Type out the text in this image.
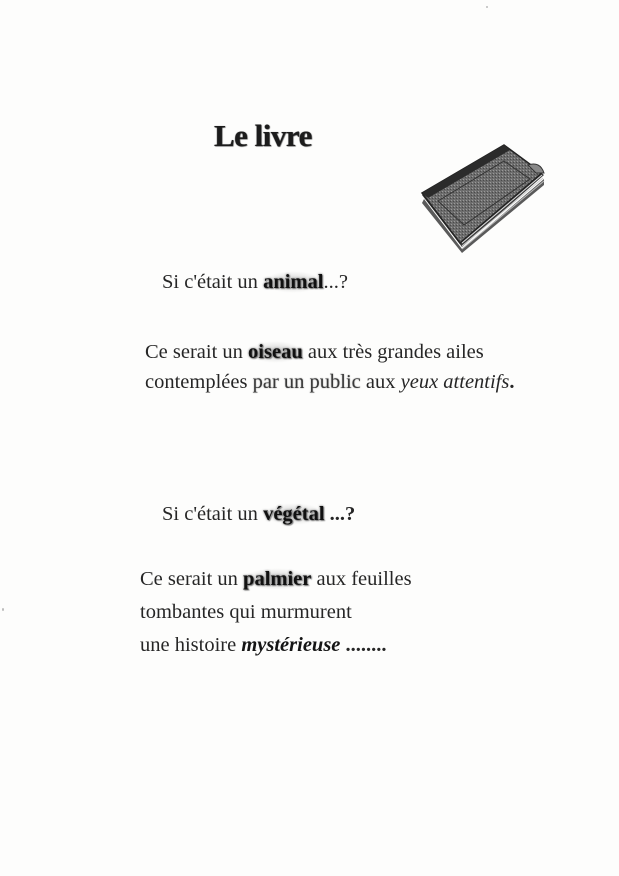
Le livre
Si c'était un animal...?
Ce serait un oiseau aux très grandes ailes
contemplées par un public aux yeux attentifs.
Si c'était un végétal ...?
Ce serait un palmier aux feuilles
tombantes qui murmurent
une histoire mystérieuse ........
